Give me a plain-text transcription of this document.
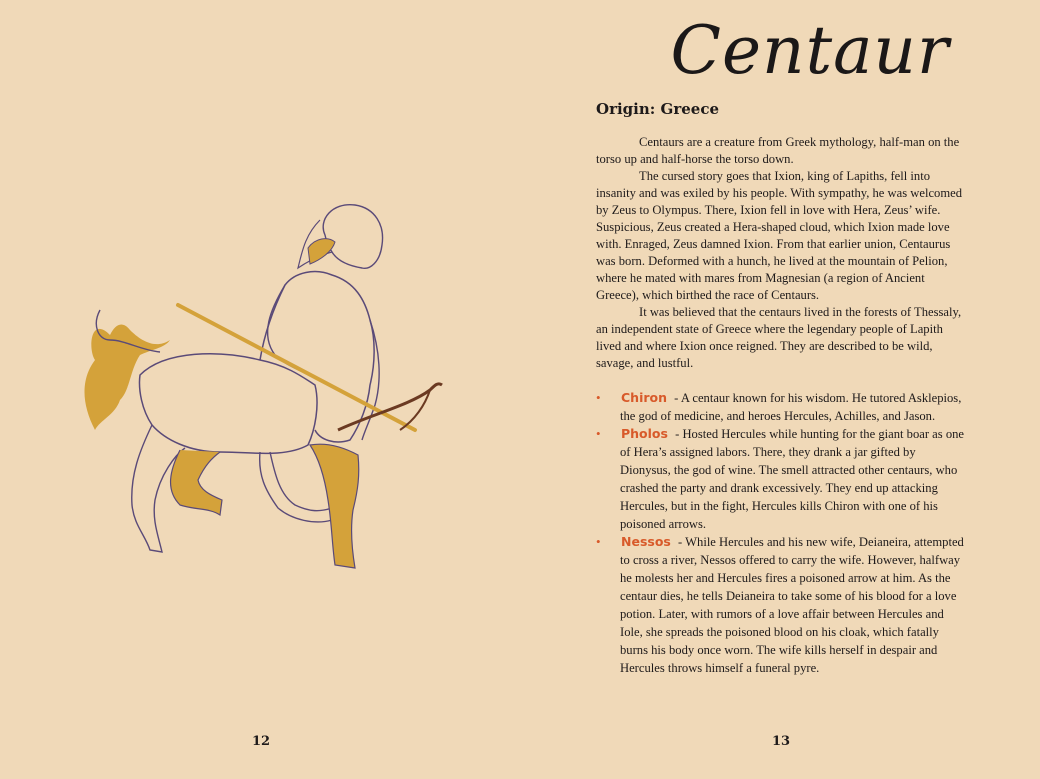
12
Centaur
Origin: Greece

Centaurs are a creature from Greek mythology, half-man on the torso up and half-horse the torso down.

The cursed story goes that Ixion, king of Lapiths, fell into insanity and was exiled by his people. With sympathy, he was welcomed by Zeus to Olympus. There, Ixion fell in love with Hera, Zeus’ wife. Suspicious, Zeus created a Hera-shaped cloud, which Ixion made love with. Enraged, Zeus damned Ixion. From that earlier union, Centaurus was born. Deformed with a hunch, he lived at the mountain of Pelion, where he mated with mares from Magnesian (a region of Ancient Greece), which birthed the race of Centaurs.

It was believed that the centaurs lived in the forests of Thessaly, an independent state of Greece where the legendary people of Lapith lived and where Ixion once reigned. They are described to be wild, savage, and lustful.

• Chiron - A centaur known for his wisdom. He tutored Asklepios, the god of medicine, and heroes Hercules, Achilles, and Jason.
• Pholos - Hosted Hercules while hunting for the giant boar as one of Hera’s assigned labors. There, they drank a jar gifted by Dionysus, the god of wine. The smell attracted other centaurs, who crashed the party and drank excessively. They end up attacking Hercules, but in the fight, Hercules kills Chiron with one of his poisoned arrows.
• Nessos - While Hercules and his new wife, Deianeira, attempted to cross a river, Nessos offered to carry the wife. However, halfway he molests her and Hercules fires a poisoned arrow at him. As the centaur dies, he tells Deianeira to take some of his blood for a love potion. Later, with rumors of a love affair between Hercules and Iole, she spreads the poisoned blood on his cloak, which fatally burns his body once worn. The wife kills herself in despair and Hercules throws himself a funeral pyre.
13
